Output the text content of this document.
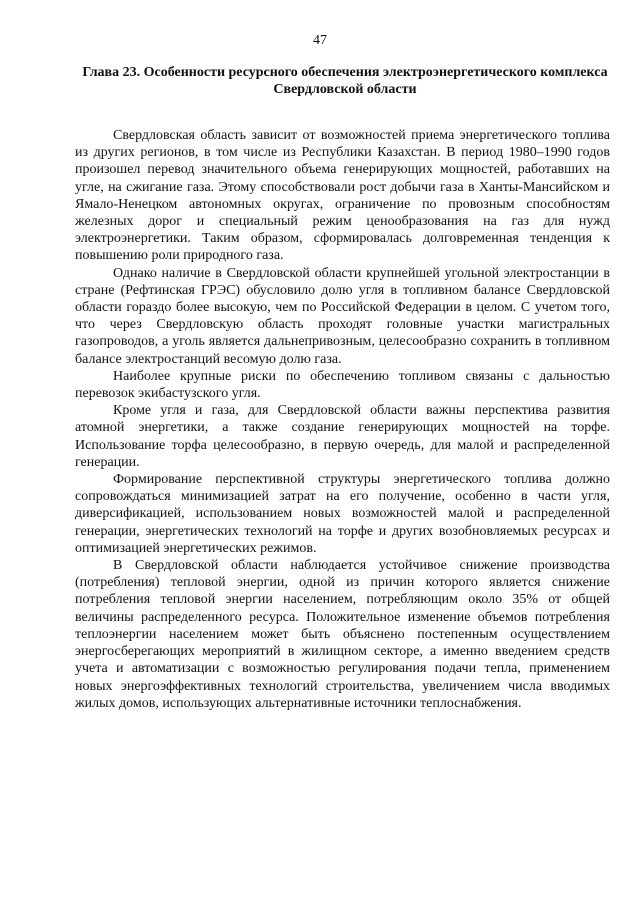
47
Глава 23. Особенности ресурсного обеспечения электроэнергетического комплекса Свердловской области

Свердловская область зависит от возможностей приема энергетического топлива из других регионов, в том числе из Республики Казахстан. В период 1980–1990 годов произошел перевод значительного объема генерирующих мощностей, работавших на угле, на сжигание газа. Этому способствовали рост добычи газа в Ханты-Мансийском и Ямало-Ненецком автономных округах, ограничение по провозным способностям железных дорог и специальный режим ценообразования на газ для нужд электроэнергетики. Таким образом, сформировалась долговременная тенденция к повышению роли природного газа.

Однако наличие в Свердловской области крупнейшей угольной электростанции в стране (Рефтинская ГРЭС) обусловило долю угля в топливном балансе Свердловской области гораздо более высокую, чем по Российской Федерации в целом. С учетом того, что через Свердловскую область проходят головные участки магистральных газопроводов, а уголь является дальнепривозным, целесообразно сохранить в топливном балансе электростанций весомую долю газа.

Наиболее крупные риски по обеспечению топливом связаны с дальностью перевозок экибастузского угля.

Кроме угля и газа, для Свердловской области важны перспектива развития атомной энергетики, а также создание генерирующих мощностей на торфе. Использование торфа целесообразно, в первую очередь, для малой и распределенной генерации.

Формирование перспективной структуры энергетического топлива должно сопровождаться минимизацией затрат на его получение, особенно в части угля, диверсификацией, использованием новых возможностей малой и распределенной генерации, энергетических технологий на торфе и других возобновляемых ресурсах и оптимизацией энергетических режимов.

В Свердловской области наблюдается устойчивое снижение производства (потребления) тепловой энергии, одной из причин которого является снижение потребления тепловой энергии населением, потребляющим около 35% от общей величины распределенного ресурса. Положительное изменение объемов потребления теплоэнергии населением может быть объяснено постепенным осуществлением энергосберегающих мероприятий в жилищном секторе, а именно введением средств учета и автоматизации с возможностью регулирования подачи тепла, применением новых энергоэффективных технологий строительства, увеличением числа вводимых жилых домов, использующих альтернативные источники теплоснабжения.
